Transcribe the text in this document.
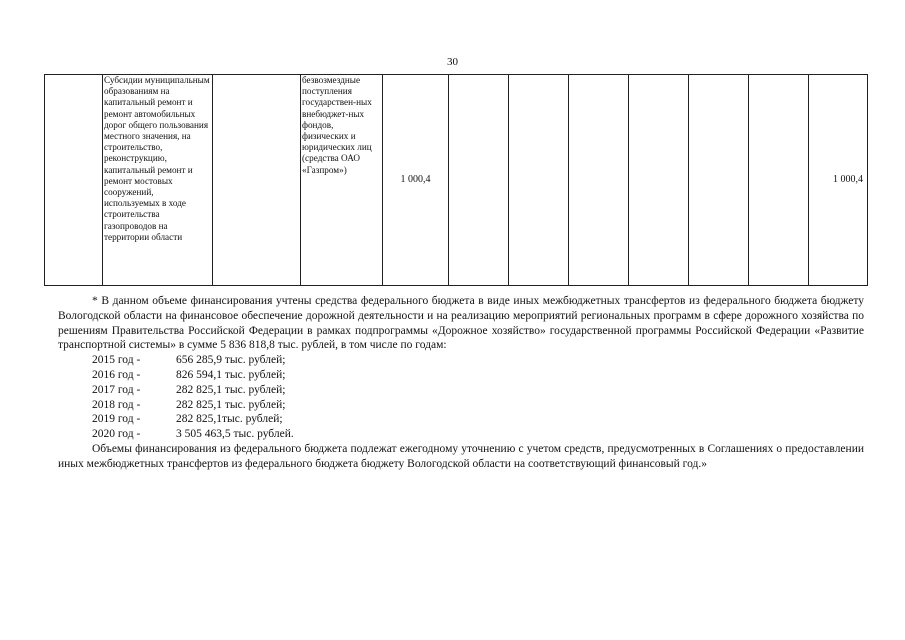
30
	Субсидии муниципальным образованиям на капитальный ремонт и ремонт автомобильных дорог общего пользования местного значения, на строительство, реконструкцию, капитальный ремонт и ремонт мостовых сооружений, используемых в ходе строительства газопроводов на территории области		безвозмездные поступления государствен-ных внебюджет-ных фондов, физических и юридических лиц (средства ОАО «Газпром»)	1 000,4							1 000,4

* В данном объеме финансирования учтены средства федерального бюджета в виде иных межбюджетных трансфертов из федерального бюджета бюджету Вологодской области на финансовое обеспечение дорожной деятельности и на реализацию мероприятий региональных программ в сфере дорожного хозяйства по решениям Правительства Российской Федерации в рамках подпрограммы «Дорожное хозяйство» государственной программы Российской Федерации «Развитие транспортной системы» в сумме 5 836 818,8 тыс. рублей, в том числе по годам:

2015 год -	656 285,9 тыс. рублей;
2016 год -	826 594,1 тыс. рублей;
2017 год -	282 825,1 тыс. рублей;
2018 год -	282 825,1 тыс. рублей;
2019 год -	282 825,1тыс. рублей;
2020 год -	3 505 463,5 тыс. рублей.

Объемы финансирования из федерального бюджета подлежат ежегодному уточнению с учетом средств, предусмотренных в Соглашениях о предоставлении иных межбюджетных трансфертов из федерального бюджета бюджету Вологодской области на соответствующий финансовый год.»
